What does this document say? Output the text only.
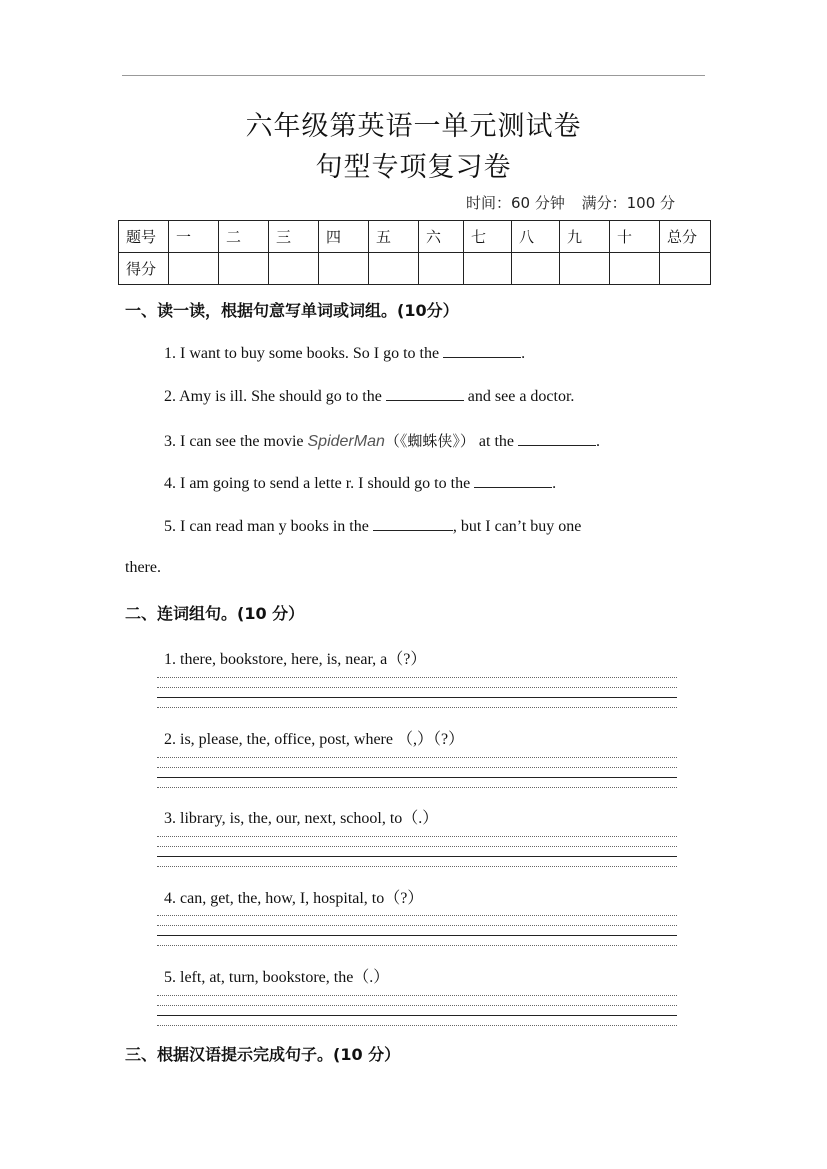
六年级第英语一单元测试卷
句型专项复习卷
时间：60 分钟 满分：100 分
题号	一	二	三	四	五	六	七	八	九	十	总分
得分											
一、读一读，根据句意写单词或词组。(10分）
1. I want to buy some books. So I go to the	.
2. Amy is ill. She should go to the	and see a doctor.
3. I can see the movie SpiderMan（《蜘蛛侠》） at the	.
4. I am going to send a lette r. I should go to the	.
5. I can read man y books in the	, but I can’t buy one
there.
二、连词组句。(10 分）
1. there, bookstore, here, is, near, a（?）
2. is, please, the, office, post, where （,）（?）
3. library, is, the, our, next, school, to（.）
4. can, get, the, how, I, hospital, to（?）
5. left, at, turn, bookstore, the（.）
三、根据汉语提示完成句子。(10 分）
